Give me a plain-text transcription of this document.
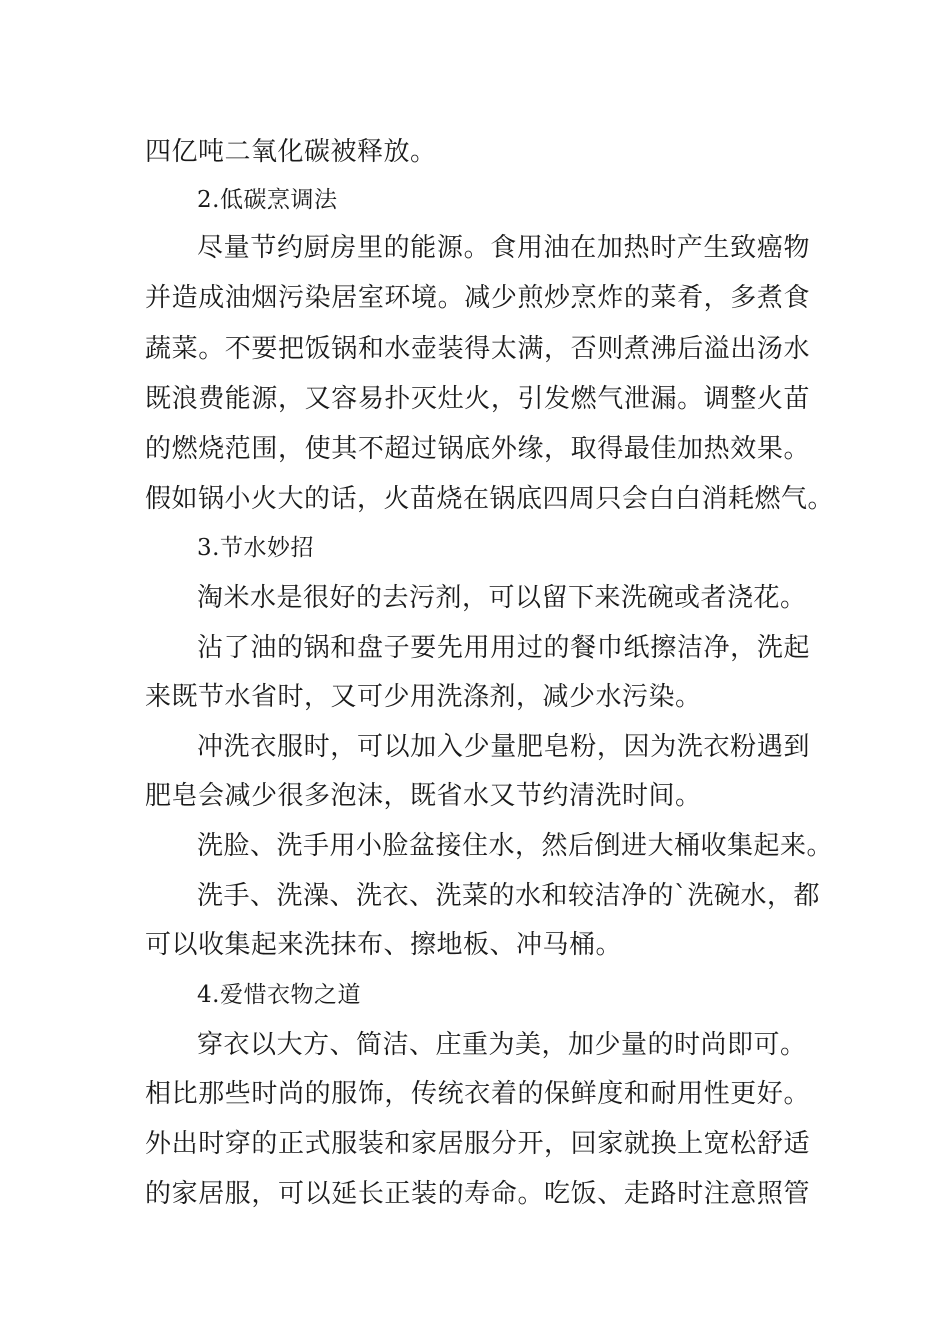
四亿吨二氧化碳被释放。
2.低碳烹调法
尽量节约厨房里的能源。食用油在加热时产生致癌物
并造成油烟污染居室环境。减少煎炒烹炸的菜肴，多煮食
蔬菜。不要把饭锅和水壶装得太满，否则煮沸后溢出汤水
既浪费能源，又容易扑灭灶火，引发燃气泄漏。调整火苗
的燃烧范围，使其不超过锅底外缘，取得最佳加热效果。
假如锅小火大的话，火苗烧在锅底四周只会白白消耗燃气。
3.节水妙招
淘米水是很好的去污剂，可以留下来洗碗或者浇花。
沾了油的锅和盘子要先用用过的餐巾纸擦洁净，洗起
来既节水省时，又可少用洗涤剂，减少水污染。
冲洗衣服时，可以加入少量肥皂粉，因为洗衣粉遇到
肥皂会减少很多泡沫，既省水又节约清洗时间。
洗脸、洗手用小脸盆接住水，然后倒进大桶收集起来。
洗手、洗澡、洗衣、洗菜的水和较洁净的`洗碗水，都
可以收集起来洗抹布、擦地板、冲马桶。
4.爱惜衣物之道
穿衣以大方、简洁、庄重为美，加少量的时尚即可。
相比那些时尚的服饰，传统衣着的保鲜度和耐用性更好。
外出时穿的正式服装和家居服分开，回家就换上宽松舒适
的家居服，可以延长正装的寿命。吃饭、走路时注意照管
